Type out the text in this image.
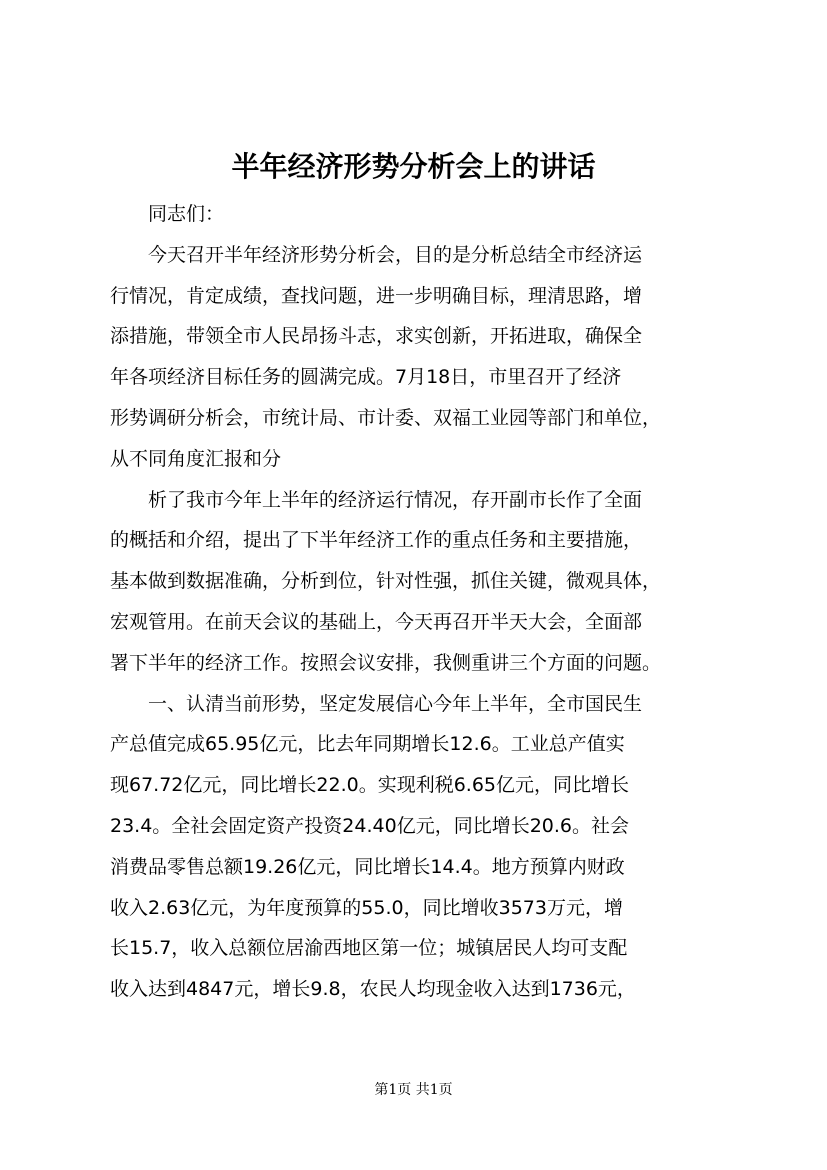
半年经济形势分析会上的讲话

同志们：

今天召开半年经济形势分析会，目的是分析总结全市经济运
行情况，肯定成绩，查找问题，进一步明确目标，理清思路，增
添措施，带领全市人民昂扬斗志，求实创新，开拓进取，确保全
年各项经济目标任务的圆满完成。7月18日，市里召开了经济
形势调研分析会，市统计局、市计委、双福工业园等部门和单位，
从不同角度汇报和分

析了我市今年上半年的经济运行情况，存开副市长作了全面
的概括和介绍，提出了下半年经济工作的重点任务和主要措施，
基本做到数据准确，分析到位，针对性强，抓住关键，微观具体，
宏观管用。在前天会议的基础上，今天再召开半天大会，全面部
署下半年的经济工作。按照会议安排，我侧重讲三个方面的问题。

一、认清当前形势，坚定发展信心今年上半年，全市国民生
产总值完成65.95亿元，比去年同期增长12.6。工业总产值实
现67.72亿元，同比增长22.0。实现利税6.65亿元，同比增长
23.4。全社会固定资产投资24.40亿元，同比增长20.6。社会
消费品零售总额19.26亿元，同比增长14.4。地方预算内财政
收入2.63亿元，为年度预算的55.0，同比增收3573万元，增
长15.7，收入总额位居渝西地区第一位；城镇居民人均可支配
收入达到4847元，增长9.8，农民人均现金收入达到1736元，

第1页 共1页
